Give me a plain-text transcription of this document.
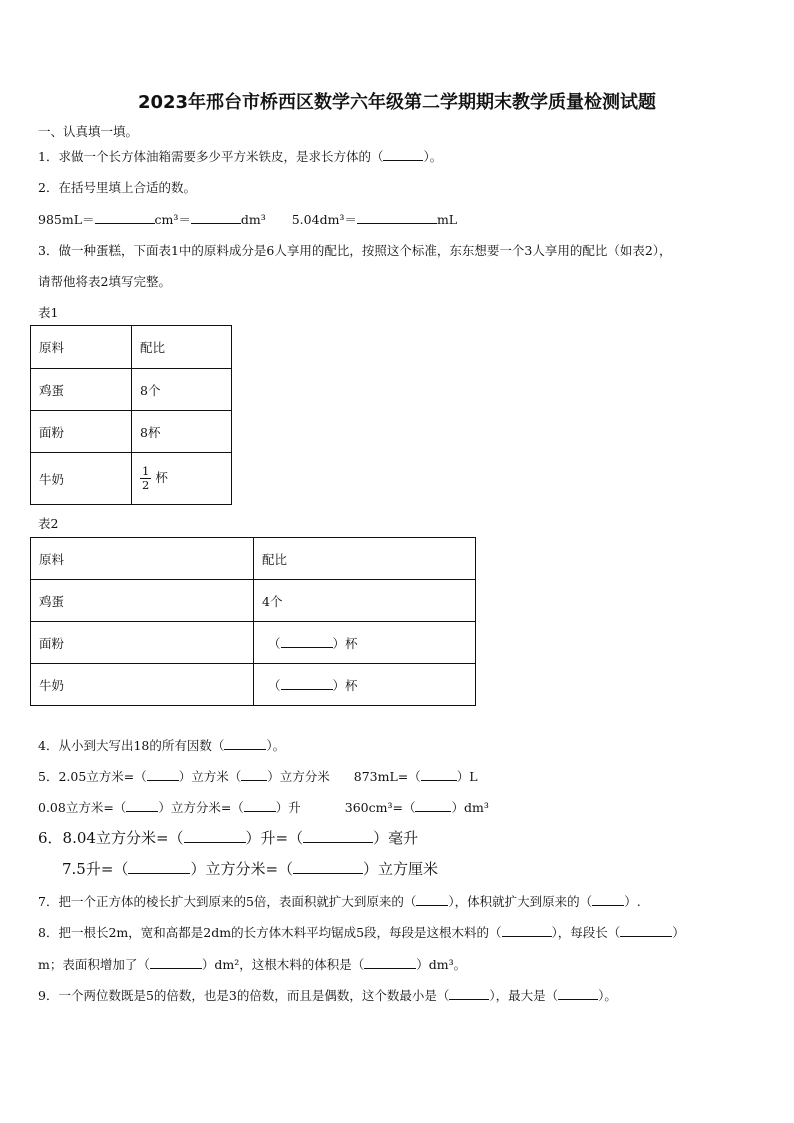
2023年邢台市桥西区数学六年级第二学期期末教学质量检测试题
一、认真填一填。
1．求做一个长方体油箱需要多少平方米铁皮，是求长方体的（	）。
2．在括号里填上合适的数。
985mL＝	cm³＝	dm³ 5.04dm³＝	mL
3．做一种蛋糕，下面表1中的原料成分是6人享用的配比，按照这个标准，东东想要一个3人享用的配比（如表2），
请帮他将表2填写完整。
表1
原料	配比
鸡蛋	8个
面粉	8杯
牛奶	$\frac{1}{2}$ 杯
表2
原料	配比
鸡蛋	4个
面粉	（ ）杯
牛奶	（ ）杯
4．从小到大写出18的所有因数（	）。
5．2.05立方米=（	）立方米（ ）立方分米 873mL=（	）L
0.08立方米=（	）立方分米=（	）升	360cm³=（	）dm³
6．8.04立方分米=（	）升=（	）毫升
7.5升=（	）立方分米=（	）立方厘米
7．把一个正方体的棱长扩大到原来的5倍，表面积就扩大到原来的（	），体积就扩大到原来的（	）.
8．把一根长2m，宽和高都是2dm的长方体木料平均锯成5段，每段是这根木料的（	），每段长（	）
m；表面积增加了（	）dm²，这根木料的体积是（	）dm³。
9．一个两位数既是5的倍数，也是3的倍数，而且是偶数，这个数最小是（	），最大是（	）。
